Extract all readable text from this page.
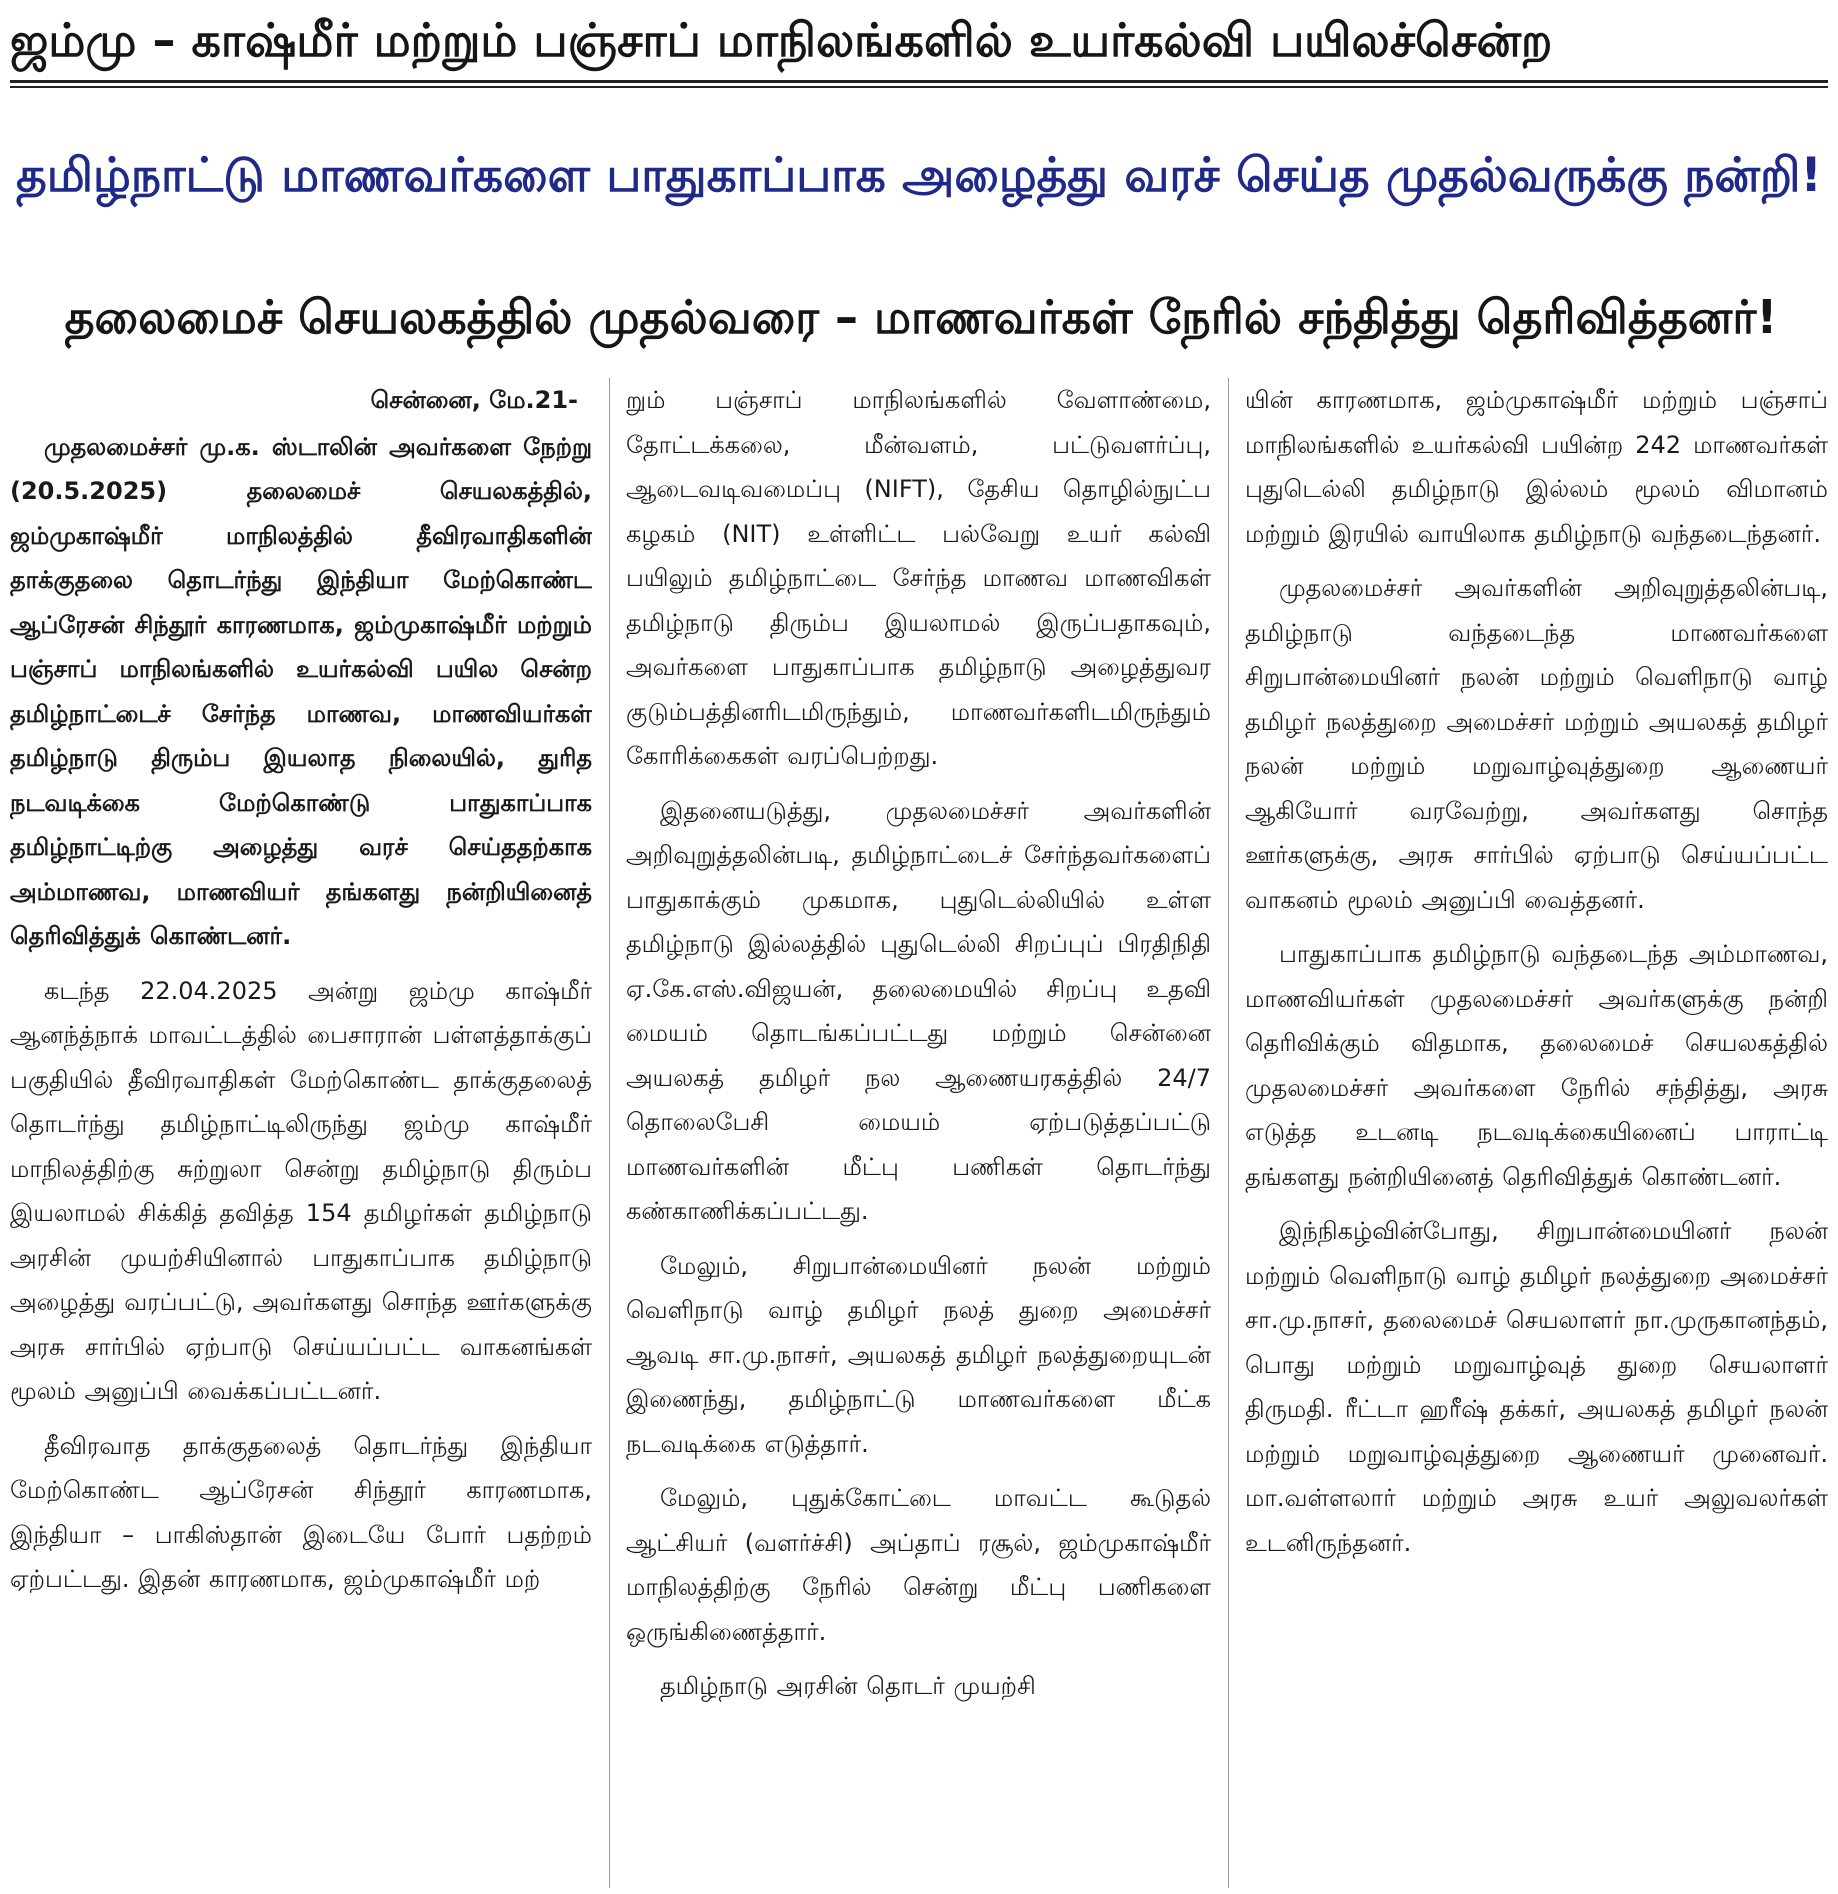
ஜம்மு – காஷ்மீர் மற்றும் பஞ்சாப் மாநிலங்களில் உயர்கல்வி பயிலச்சென்ற
தமிழ்நாட்டு மாணவர்களை பாதுகாப்பாக அழைத்து வரச் செய்த முதல்வருக்கு நன்றி!
தலைமைச் செயலகத்தில் முதல்வரை – மாணவர்கள் நேரில் சந்தித்து தெரிவித்தனர்!
சென்னை, மே.21-

முதலமைச்சர் மு.க. ஸ்டாலின் அவர்களை நேற்று (20.5.2025) தலைமைச் செயலகத்தில், ஜம்முகாஷ்மீர் மாநிலத்தில் தீவிரவாதிகளின் தாக்குதலை தொடர்ந்து இந்தியா மேற்கொண்ட ஆப்ரேசன் சிந்தூர் காரணமாக, ஜம்முகாஷ்மீர் மற்றும் பஞ்சாப் மாநிலங்களில் உயர்கல்வி பயில சென்ற தமிழ்நாட்டைச் சேர்ந்த மாணவ, மாணவியர்கள் தமிழ்நாடு திரும்ப இயலாத நிலையில், துரித நடவடிக்கை மேற்கொண்டு பாதுகாப்பாக தமிழ்நாட்டிற்கு அழைத்து வரச் செய்ததற்காக அம்மாணவ, மாணவியர் தங்களது நன்றியினைத் தெரிவித்துக் கொண்டனர்.

கடந்த 22.04.2025 அன்று ஜம்மு காஷ்மீர் ஆனந்த்நாக் மாவட்டத்தில் பைசாரான் பள்ளத்தாக்குப் பகுதியில் தீவிரவாதிகள் மேற்கொண்ட தாக்குதலைத் தொடர்ந்து தமிழ்நாட்டிலிருந்து ஜம்மு காஷ்மீர் மாநிலத்திற்கு சுற்றுலா சென்று தமிழ்நாடு திரும்ப இயலாமல் சிக்கித் தவித்த 154 தமிழர்கள் தமிழ்நாடு அரசின் முயற்சியினால் பாதுகாப்பாக தமிழ்நாடு அழைத்து வரப்பட்டு, அவர்களது சொந்த ஊர்களுக்கு அரசு சார்பில் ஏற்பாடு செய்யப்பட்ட வாகனங்கள் மூலம் அனுப்பி வைக்கப்பட்டனர்.

தீவிரவாத தாக்குதலைத் தொடர்ந்து இந்தியா மேற்கொண்ட ஆப்ரேசன் சிந்தூர் காரணமாக, இந்தியா – பாகிஸ்தான் இடையே போர் பதற்றம் ஏற்பட்டது. இதன் காரணமாக, ஜம்முகாஷ்மீர் மற்

றும் பஞ்சாப் மாநிலங்களில் வேளாண்மை, தோட்டக்கலை, மீன்வளம், பட்டுவளர்ப்பு, ஆடைவடிவமைப்பு (NIFT), தேசிய தொழில்நுட்ப கழகம் (NIT) உள்ளிட்ட பல்வேறு உயர் கல்வி பயிலும் தமிழ்நாட்டை சேர்ந்த மாணவ மாணவிகள் தமிழ்நாடு திரும்ப இயலாமல் இருப்பதாகவும், அவர்களை பாதுகாப்பாக தமிழ்நாடு அழைத்துவர குடும்பத்தினரிடமிருந்தும், மாணவர்களிடமிருந்தும் கோரிக்கைகள் வரப்பெற்றது.

இதனையடுத்து, முதலமைச்சர் அவர்களின் அறிவுறுத்தலின்படி, தமிழ்நாட்டைச் சேர்ந்தவர்களைப் பாதுகாக்கும் முகமாக, புதுடெல்லியில் உள்ள தமிழ்நாடு இல்லத்தில் புதுடெல்லி சிறப்புப் பிரதிநிதி ஏ.கே.எஸ்.விஜயன், தலைமையில் சிறப்பு உதவி மையம் தொடங்கப்பட்டது மற்றும் சென்னை அயலகத் தமிழர் நல ஆணையரகத்தில் 24/7 தொலைபேசி மையம் ஏற்படுத்தப்பட்டு மாணவர்களின் மீட்பு பணிகள் தொடர்ந்து கண்காணிக்கப்பட்டது.

மேலும், சிறுபான்மையினர் நலன் மற்றும் வெளிநாடு வாழ் தமிழர் நலத் துறை அமைச்சர் ஆவடி சா.மு.நாசர், அயலகத் தமிழர் நலத்துறையுடன் இணைந்து, தமிழ்நாட்டு மாணவர்களை மீட்க நடவடிக்கை எடுத்தார்.

மேலும், புதுக்கோட்டை மாவட்ட கூடுதல் ஆட்சியர் (வளர்ச்சி) அப்தாப் ரசூல், ஜம்முகாஷ்மீர் மாநிலத்திற்கு நேரில் சென்று மீட்பு பணிகளை ஒருங்கிணைத்தார்.

தமிழ்நாடு அரசின் தொடர் முயற்சி

யின் காரணமாக, ஜம்முகாஷ்மீர் மற்றும் பஞ்சாப் மாநிலங்களில் உயர்கல்வி பயின்ற 242 மாணவர்கள் புதுடெல்லி தமிழ்நாடு இல்லம் மூலம் விமானம் மற்றும் இரயில் வாயிலாக தமிழ்நாடு வந்தடைந்தனர்.

முதலமைச்சர் அவர்களின் அறிவுறுத்தலின்படி, தமிழ்நாடு வந்தடைந்த மாணவர்களை சிறுபான்மையினர் நலன் மற்றும் வெளிநாடு வாழ் தமிழர் நலத்துறை அமைச்சர் மற்றும் அயலகத் தமிழர் நலன் மற்றும் மறுவாழ்வுத்துறை ஆணையர் ஆகியோர் வரவேற்று, அவர்களது சொந்த ஊர்களுக்கு, அரசு சார்பில் ஏற்பாடு செய்யப்பட்ட வாகனம் மூலம் அனுப்பி வைத்தனர்.

பாதுகாப்பாக தமிழ்நாடு வந்தடைந்த அம்மாணவ, மாணவியர்கள் முதலமைச்சர் அவர்களுக்கு நன்றி தெரிவிக்கும் விதமாக, தலைமைச் செயலகத்தில் முதலமைச்சர் அவர்களை நேரில் சந்தித்து, அரசு எடுத்த உடனடி நடவடிக்கையினைப் பாராட்டி தங்களது நன்றியினைத் தெரிவித்துக் கொண்டனர்.

இந்நிகழ்வின்போது, சிறுபான்மையினர் நலன் மற்றும் வெளிநாடு வாழ் தமிழர் நலத்துறை அமைச்சர் சா.மு.நாசர், தலைமைச் செயலாளர் நா.முருகானந்தம், பொது மற்றும் மறுவாழ்வுத் துறை செயலாளர் திருமதி. ரீட்டா ஹரீஷ் தக்கர், அயலகத் தமிழர் நலன் மற்றும் மறுவாழ்வுத்துறை ஆணையர் முனைவர். மா.வள்ளலார் மற்றும் அரசு உயர் அலுவலர்கள் உடனிருந்தனர்.
